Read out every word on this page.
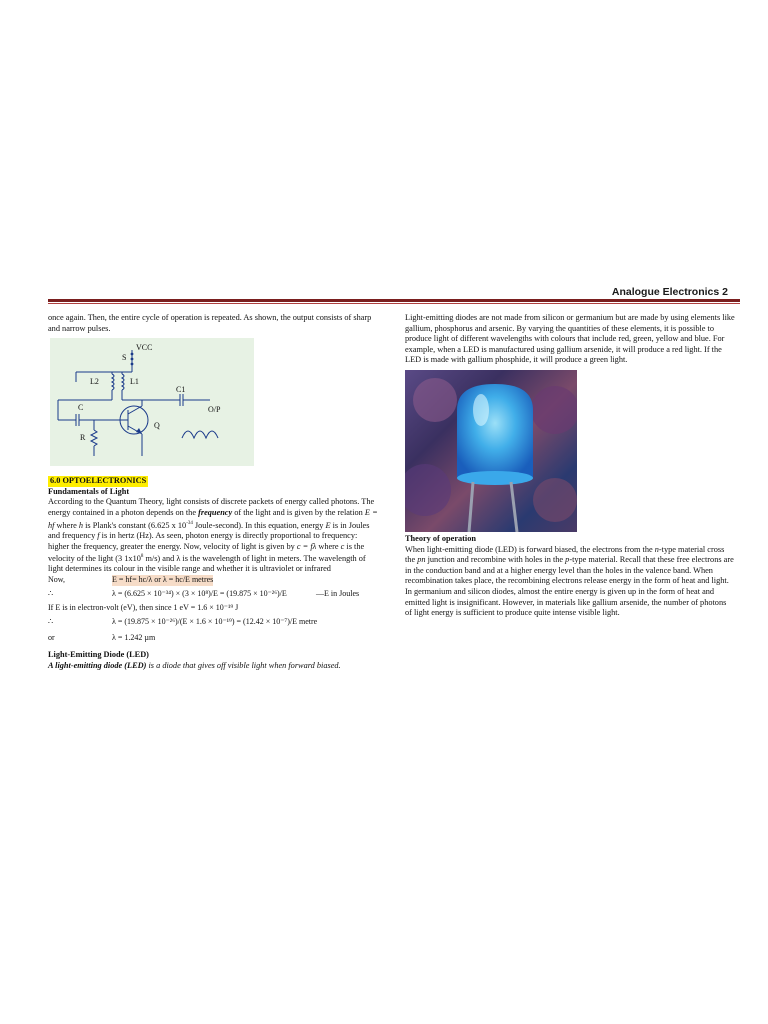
Analogue Electronics 2

once again. Then, the entire cycle of operation is repeated. As shown, the output consists of sharp and narrow pulses.

VCC
S
L2	L1
C1
C
R
Q
O/P
6.0 OPTOELECTRONICS
Fundamentals of Light

According to the Quantum Theory, light consists of discrete packets of energy called photons. The energy contained in a photon depends on the frequency of the light and is given by the relation E = hf where h is Plank's constant (6.625 x $10^{-34}$ Joule-second). In this equation, energy E is in Joules and frequency f is in hertz (Hz). As seen, photon energy is directly proportional to frequency: higher the frequency, greater the energy. Now, velocity of light is given by c = fλ where c is the velocity of the light (3 $1x10^8$ m/s) and λ is the wavelength of light in meters. The wavelength of light determines its colour in the visible range and whether it is ultraviolet or infrared

Now,	E = hf= hc/λ or λ = hc/E metres
∴	λ = (6.625 × 10⁻³⁴) × (3 × 10⁸)/E = (19.875 × 10⁻²⁶)/E	—E in Joules
If E is in electron-volt (eV), then since 1 eV = 1.6 × 10⁻¹⁹ J
∴	λ = (19.875 × 10⁻²⁶)/(E × 1.6 × 10⁻¹⁹) = (12.42 × 10⁻⁷)/E metre
or	λ = 1.242 µm
Light-Emitting Diode (LED)

A light-emitting diode (LED) is a diode that gives off visible light when forward biased.

Light-emitting diodes are not made from silicon or germanium but are made by using elements like gallium, phosphorus and arsenic. By varying the quantities of these elements, it is possible to produce light of different wavelengths with colours that include red, green, yellow and blue. For example, when a LED is manufactured using gallium arsenide, it will produce a red light. If the LED is made with gallium phosphide, it will produce a green light.

Theory of operation

When light-emitting diode (LED) is forward biased, the electrons from the n-type material cross the pn junction and recombine with holes in the p-type material. Recall that these free electrons are in the conduction band and at a higher energy level than the holes in the valence band. When recombination takes place, the recombining electrons release energy in the form of heat and light. In germanium and silicon diodes, almost the entire energy is given up in the form of heat and emitted light is insignificant. However, in materials like gallium arsenide, the number of photons of light energy is sufficient to produce quite intense visible light.
